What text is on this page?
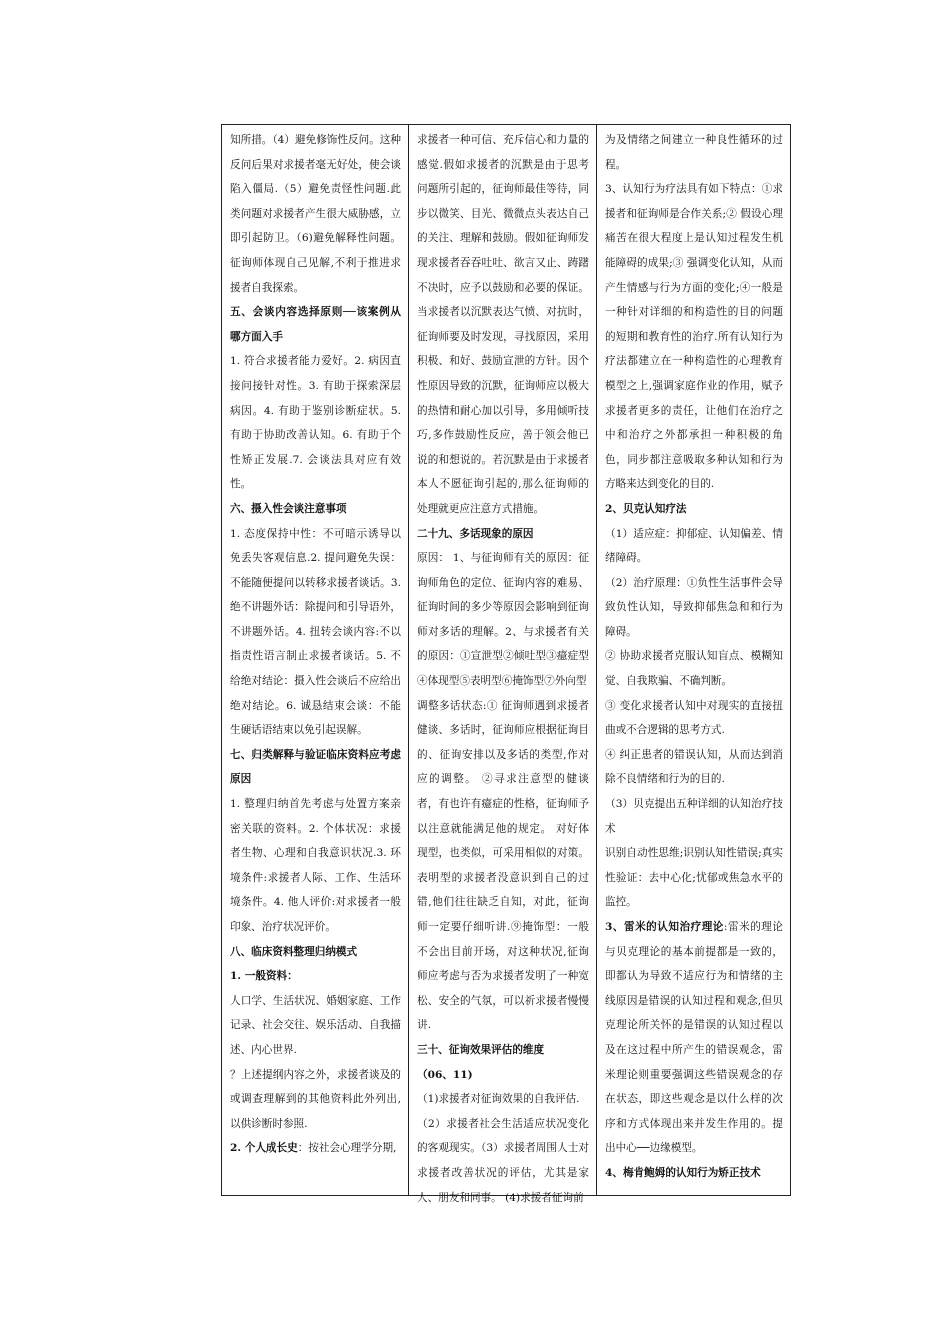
知所措。（4）避免修饰性反问。这种反问后果对求援者毫无好处，使会谈陷入僵局.（5）避免责怪性问题.此类问题对求援者产生很大威胁感，立即引起防卫。（6)避免解释性问题。征询师体现自己见解,不利于推进求援者自我探索。

五、会谈内容选择原则──该案例从哪方面入手

1. 符合求援者能力爱好。2. 病因直接问接针对性。3. 有助于探索深层病因。4. 有助于鉴别诊断症状。5. 有助于协助改善认知。6. 有助于个性矫正发展.7. 会谈法具对应有效性。

六、摄入性会谈注意事项

1. 态度保持中性：不可暗示诱导以免丢失客观信息.2. 提问避免失误：不能随便提问以转移求援者谈话。3. 绝不讲题外话：除提问和引导语外，不讲题外话。4. 扭转会谈内容:不以指责性语言制止求援者谈话。5. 不给绝对结论：摄入性会谈后不应给出绝对结论。6. 诚恳结束会谈：不能生硬话语结束以免引起误解。

七、归类解释与验证临床资料应考虑原因

1. 整理归纳首先考虑与处置方案亲密关联的资料。2. 个体状况：求援者生物、心理和自我意识状况.3. 环境条件:求援者人际、工作、生活环境条件。4. 他人评价:对求援者一般印象、治疗状况评价。

八、临床资料整理归纳模式

1. 一般资料：

人口学、生活状况、婚姻家庭、工作记录、社会交往、娱乐活动、自我描述、内心世界.

？上述提纲内容之外，求援者谈及的或调查理解到的其他资料此外列出,以供诊断时参照.

2. 个人成长史：按社会心理学分期,

求援者一种可信、充斥信心和力量的感觉.假如求援者的沉默是由于思考问题所引起的，征询师最佳等待，同步以微笑、目光、微微点头表达自己的关注、理解和鼓励。假如征询师发现求援者吞吞吐吐、欲言又止、踌躇不决时，应予以鼓励和必要的保证。当求援者以沉默表达气愤、对抗时，征询师要及时发现，寻找原因，采用积极、和好、鼓励宣泄的方针。因个性原因导致的沉默，征询师应以极大的热情和耐心加以引导，多用倾听技巧,多作鼓励性反应，善于领会他已说的和想说的。若沉默是由于求援者本人不愿征询引起的,那么征询师的处理就更应注意方式措施。

二十九、多话现象的原因

原因： 1、与征询师有关的原因：征询师角色的定位、征询内容的难易、征询时间的多少等原因会影响到征询师对多话的理解。2、与求援者有关的原因：①宣泄型②倾吐型③癔症型④体现型⑤表明型⑥掩饰型⑦外向型

调整多话状态:① 征询师遇到求援者健谈、多话时，征询师应根据征询目的、征询安排以及多话的类型,作对应的调整。 ②寻求注意型的健谈者，有也许有癔症的性格，征询师予以注意就能满足他的规定。 对好体现型，也类似，可采用相似的对策。 表明型的求援者没意识到自己的过错,他们往往缺乏自知，对此，征询师一定要仔细听讲.⑨掩饰型：一般不会出目前开场，对这种状况,征询师应考虑与否为求援者发明了一种宽松、安全的气氛，可以祈求援者慢慢讲.

三十、征询效果评估的维度

（06、11)

（1)求援者对征询效果的自我评估.

（2）求援者社会生活适应状况变化的客观现实。（3）求援者周围人士对求援者改善状况的评估，尤其是家人、朋友和同事。 (4)求援者征询前

为及情绪之间建立一种良性循环的过程。

3、认知行为疗法具有如下特点：①求援者和征询师是合作关系;② 假设心理痛苦在很大程度上是认知过程发生机能障碍的成果;③ 强调变化认知，从而产生情感与行为方面的变化;④一般是一种针对详细的和构造性的目的问题的短期和教育性的治疗.所有认知行为疗法都建立在一种构造性的心理教育模型之上,强调家庭作业的作用，赋予求援者更多的责任，让他们在治疗之中和治疗之外都承担一种积极的角色，同步都注意吸取多种认知和行为方略来达到变化的目的.

2、贝克认知疗法

（1）适应症：抑郁症、认知偏差、情绪障碍。

（2）治疗原理：①负性生活事件会导致负性认知，导致抑郁焦急和和行为障碍。

② 协助求援者克服认知盲点、模糊知觉、自我欺骗、不确判断。

③ 变化求援者认知中对现实的直接扭曲或不合逻辑的思考方式.

④ 纠正患者的错误认知，从而达到消除不良情绪和行为的目的.

（3）贝克提出五种详细的认知治疗技术

识别自动性思维;识别认知性错误;真实性验证：去中心化;忧郁或焦急水平的监控。

3、雷米的认知治疗理论:雷米的理论与贝克理论的基本前提都是一致的，即都认为导致不适应行为和情绪的主线原因是错误的认知过程和观念,但贝克理论所关怀的是错误的认知过程以及在这过程中所产生的错误观念，雷米理论则重要强调这些错误观念的存在状态，即这些观念是以什么样的次序和方式体现出来并发生作用的。提出中心──边缘模型。

4、梅肯鲍姆的认知行为矫正技术
